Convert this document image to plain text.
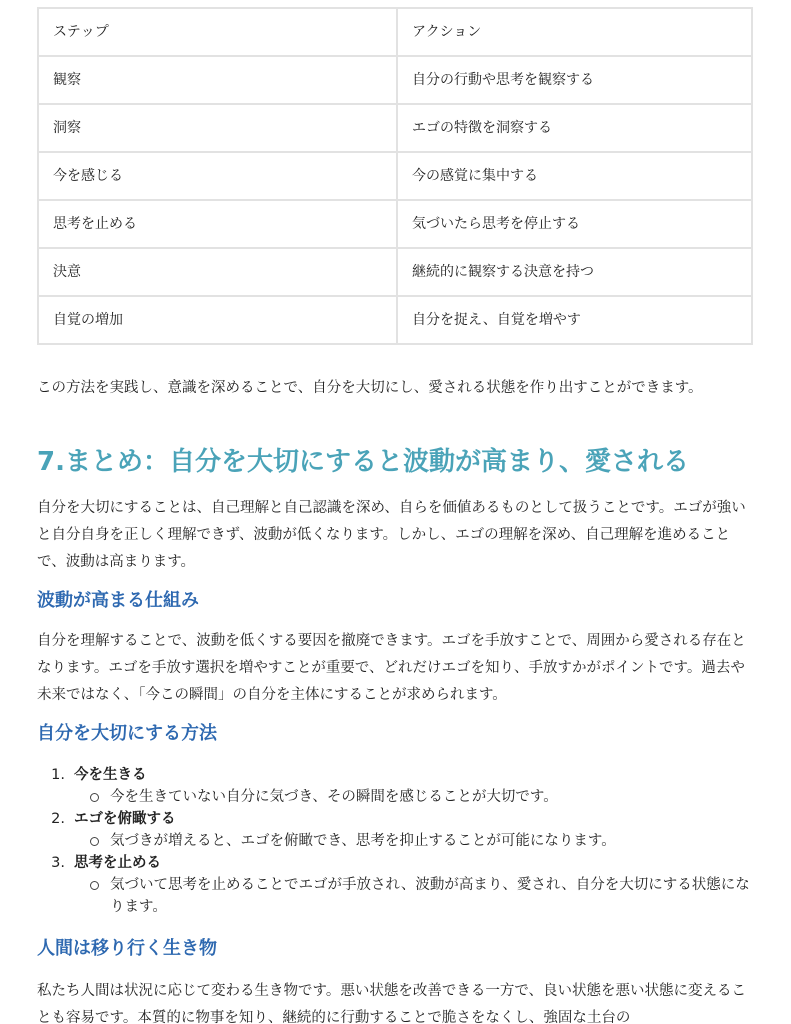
ステップ	アクション
観察	自分の行動や思考を観察する
洞察	エゴの特徴を洞察する
今を感じる	今の感覚に集中する
思考を止める	気づいたら思考を停止する
決意	継続的に観察する決意を持つ
自覚の増加	自分を捉え、自覚を増やす

この方法を実践し、意識を深めることで、自分を大切にし、愛される状態を作り出すことができます。

7.まとめ：自分を大切にすると波動が高まり、愛される

自分を大切にすることは、自己理解と自己認識を深め、自らを価値あるものとして扱うことです。エゴが強いと自分自身を正しく理解できず、波動が低くなります。しかし、エゴの理解を深め、自己理解を進めることで、波動は高まります。

波動が高まる仕組み

自分を理解することで、波動を低くする要因を撤廃できます。エゴを手放すことで、周囲から愛される存在となります。エゴを手放す選択を増やすことが重要で、どれだけエゴを知り、手放すかがポイントです。過去や未来ではなく、「今この瞬間」の自分を主体にすることが求められます。

自分を大切にする方法
1. 今を生きる
今を生きていない自分に気づき、その瞬間を感じることが大切です。
2. エゴを俯瞰する
気づきが増えると、エゴを俯瞰でき、思考を抑止することが可能になります。
3. 思考を止める
気づいて思考を止めることでエゴが手放され、波動が高まり、愛され、自分を大切にする状態になります。
人間は移り行く生き物

私たち人間は状況に応じて変わる生き物です。悪い状態を改善できる一方で、良い状態を悪い状態に変えることも容易です。本質的に物事を知り、継続的に行動することで脆さをなくし、強固な土台の
